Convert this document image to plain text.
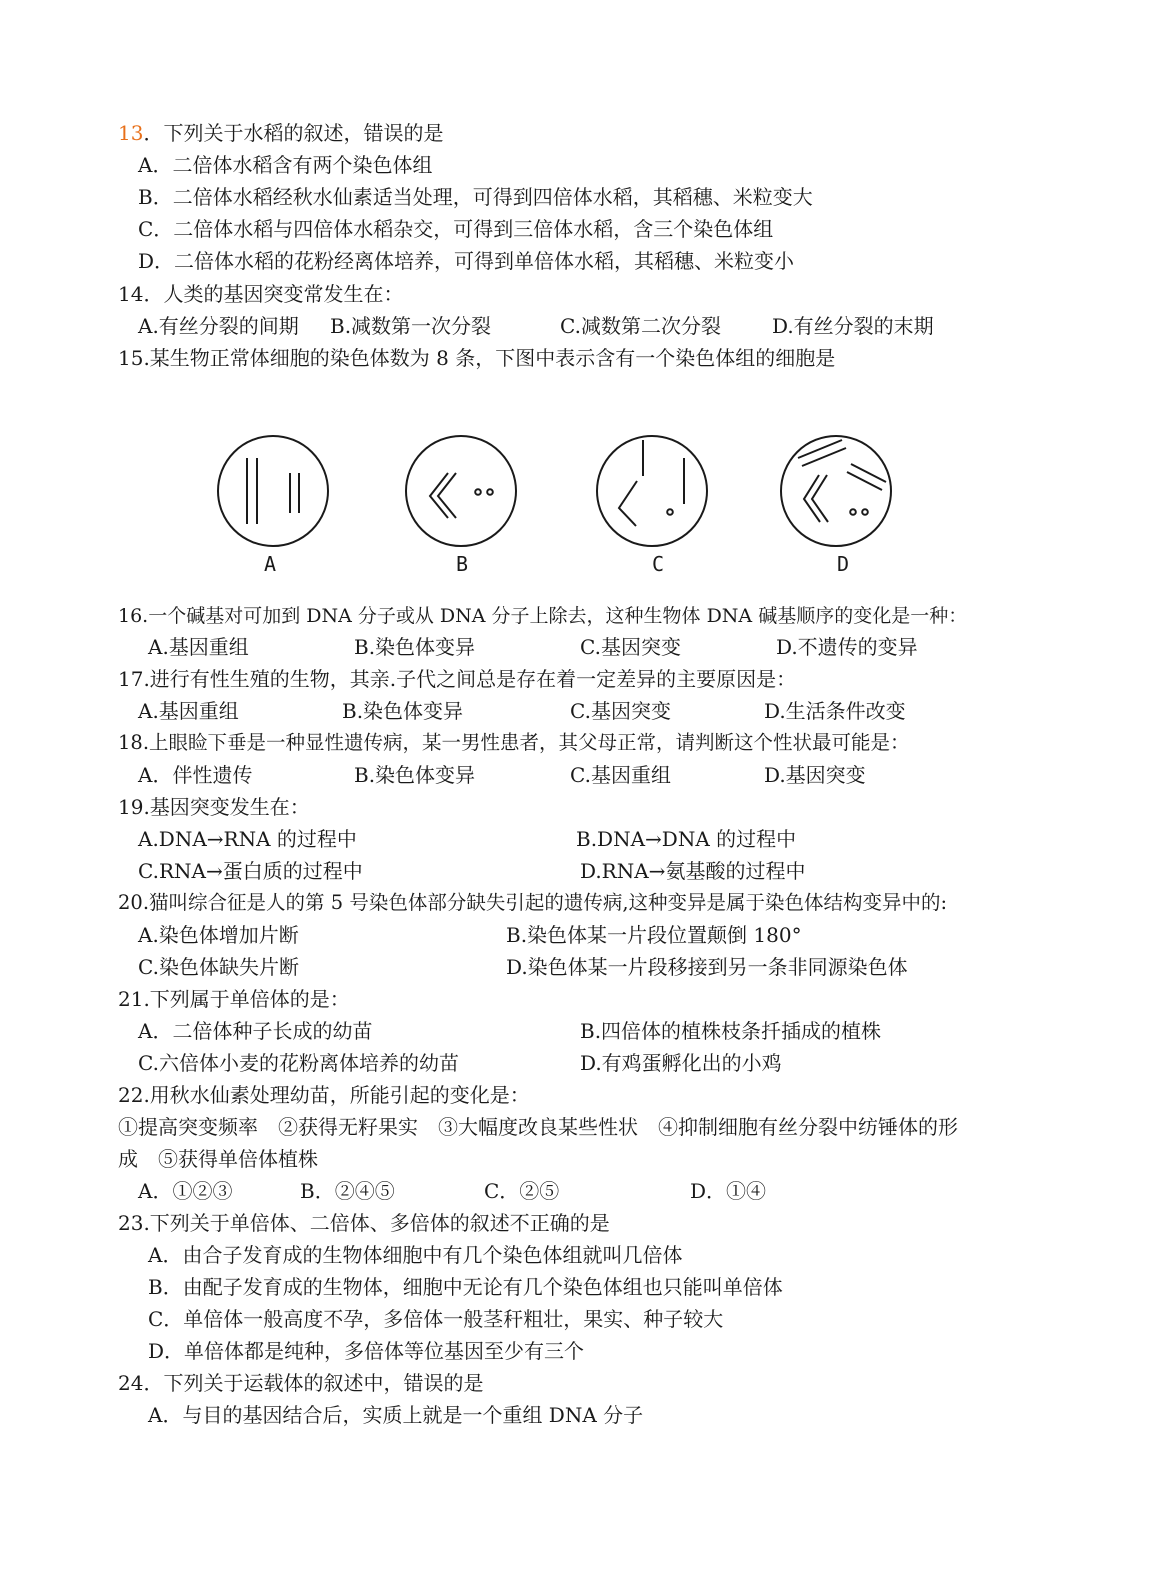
13．下列关于水稻的叙述，错误的是
A．二倍体水稻含有两个染色体组
B．二倍体水稻经秋水仙素适当处理，可得到四倍体水稻，其稻穗、米粒变大
C．二倍体水稻与四倍体水稻杂交，可得到三倍体水稻，含三个染色体组
D．二倍体水稻的花粉经离体培养，可得到单倍体水稻，其稻穗、米粒变小
14．人类的基因突变常发生在：
A.有丝分裂的间期 B.减数第一次分裂	C.减数第二次分裂	D.有丝分裂的末期
15.某生物正常体细胞的染色体数为 8 条，下图中表示含有一个染色体组的细胞是
A	B	C	D
16.一个碱基对可加到 DNA 分子或从 DNA 分子上除去，这种生物体 DNA 碱基顺序的变化是一种：
A.基因重组	B.染色体变异	C.基因突变	D.不遗传的变异
17.进行有性生殖的生物，其亲.子代之间总是存在着一定差异的主要原因是：
A.基因重组	B.染色体变异	C.基因突变	D.生活条件改变
18.上眼睑下垂是一种显性遗传病，某一男性患者，其父母正常，请判断这个性状最可能是：
A．伴性遗传	B.染色体变异	C.基因重组	D.基因突变
19.基因突变发生在：
A.DNA→RNA 的过程中	B.DNA→DNA 的过程中
C.RNA→蛋白质的过程中	D.RNA→氨基酸的过程中
20.猫叫综合征是人的第 5 号染色体部分缺失引起的遗传病,这种变异是属于染色体结构变异中的:
A.染色体增加片断	B.染色体某一片段位置颠倒 180°
C.染色体缺失片断	D.染色体某一片段移接到另一条非同源染色体
21.下列属于单倍体的是：
A．二倍体种子长成的幼苗	B.四倍体的植株枝条扦插成的植株
C.六倍体小麦的花粉离体培养的幼苗	D.有鸡蛋孵化出的小鸡
22.用秋水仙素处理幼苗，所能引起的变化是：
①提高突变频率　②获得无籽果实　③大幅度改良某些性状　④抑制细胞有丝分裂中纺锤体的形
成　⑤获得单倍体植株
A．①②③	B．②④⑤	C．②⑤	D．①④
23.下列关于单倍体、二倍体、多倍体的叙述不正确的是
A．由合子发育成的生物体细胞中有几个染色体组就叫几倍体
B．由配子发育成的生物体，细胞中无论有几个染色体组也只能叫单倍体
C．单倍体一般高度不孕，多倍体一般茎秆粗壮，果实、种子较大
D．单倍体都是纯种，多倍体等位基因至少有三个
24．下列关于运载体的叙述中，错误的是
A．与目的基因结合后，实质上就是一个重组 DNA 分子
